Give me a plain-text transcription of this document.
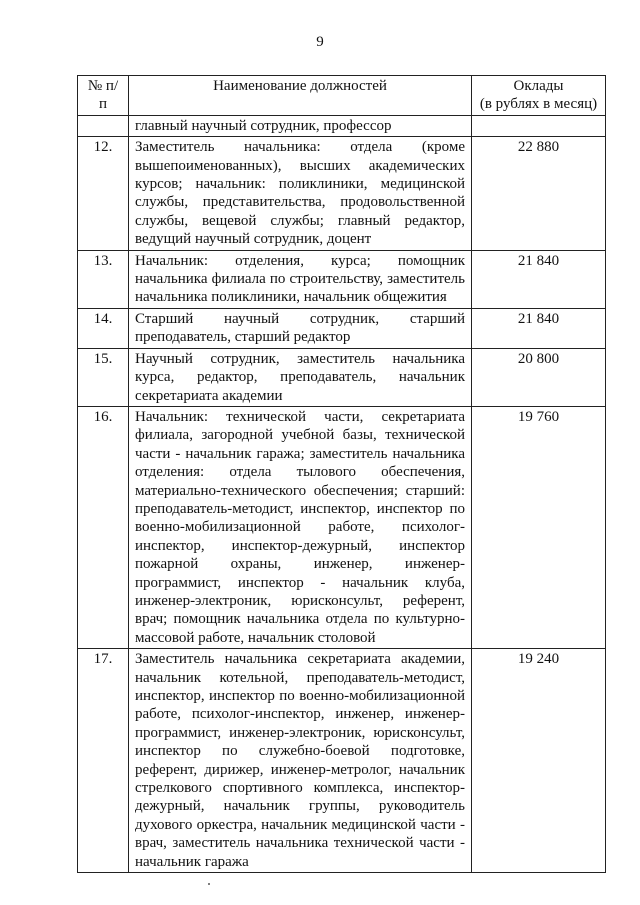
9
№ п/п	Наименование должностей	Оклады
(в рублях в месяц)

	главный научный сотрудник, профессор	
12.	Заместитель начальника: отдела (кроме вышепоименованных), высших академических курсов; начальник: поликлиники, медицинской службы, представительства, продовольственной службы, вещевой службы; главный редактор, ведущий научный сотрудник, доцент	22 880
13.	Начальник: отделения, курса; помощник начальника филиала по строительству, заместитель начальника поликлиники, начальник общежития	21 840
14.	Старший научный сотрудник, старший преподаватель, старший редактор	21 840
15.	Научный сотрудник, заместитель начальника курса, редактор, преподаватель, начальник секретариата академии	20 800
16.	Начальник: технической части, секретариата филиала, загородной учебной базы, технической части - начальник гаража; заместитель начальника отделения: отдела тылового обеспечения, материально-технического обеспечения; старший: преподаватель-методист, инспектор, инспектор по военно-мобилизационной работе, психолог-инспектор, инспектор-дежурный, инспектор пожарной охраны, инженер, инженер-программист, инспектор - начальник клуба, инженер-электроник, юрисконсульт, референт, врач; помощник начальника отдела по культурно-массовой работе, начальник столовой	19 760
17.	Заместитель начальника секретариата академии, начальник котельной, преподаватель-методист, инспектор, инспектор по военно-мобилизационной работе, психолог-инспектор, инженер, инженер-программист, инженер-электроник, юрисконсульт, инспектор по служебно-боевой подготовке, референт, дирижер, инженер-метролог, начальник стрелкового спортивного комплекса, инспектор-дежурный, начальник группы, руководитель духового оркестра, начальник медицинской части - врач, заместитель начальника технической части - начальник гаража	19 240
